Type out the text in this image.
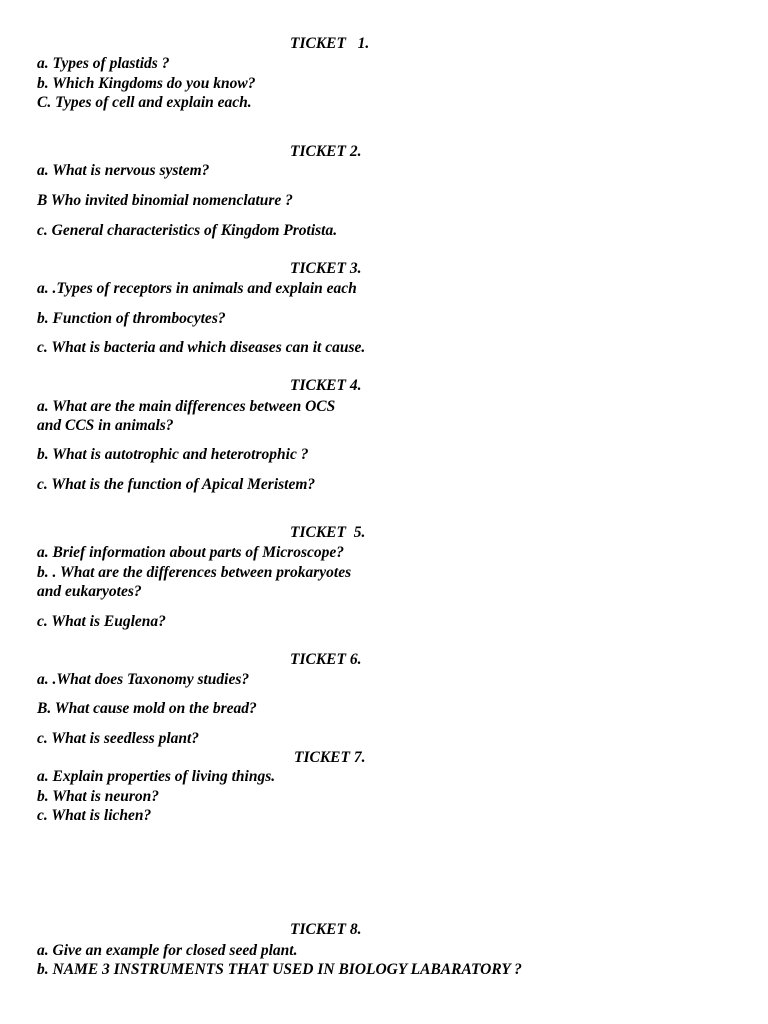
TICKET   1.
a. Types of plastids ?
b. Which Kingdoms do you know?
C. Types of cell and explain each.
TICKET 2.
a. What is nervous system?
B Who invited binomial nomenclature ?
c. General characteristics of Kingdom Protista.
TICKET 3.
a. .Types of receptors in animals and explain each
b. Function of thrombocytes?
c. What is bacteria and which diseases can it cause.
TICKET 4.
a. What are the main differences between OCS
and CCS in animals?
b. What is autotrophic and heterotrophic ?
c. What is the function of Apical Meristem?
TICKET  5.
a. Brief information about parts of Microscope?
b. . What are the differences between prokaryotes
and eukaryotes?
c. What is Euglena?
TICKET 6.
a. .What does Taxonomy studies?
B. What cause mold on the bread?
c. What is seedless plant?
TICKET 7.
a. Explain properties of living things.
b. What is neuron?
c. What is lichen?
TICKET 8.
a. Give an example for closed seed plant.
b. NAME 3 INSTRUMENTS THAT USED IN BIOLOGY LABARATORY ?
